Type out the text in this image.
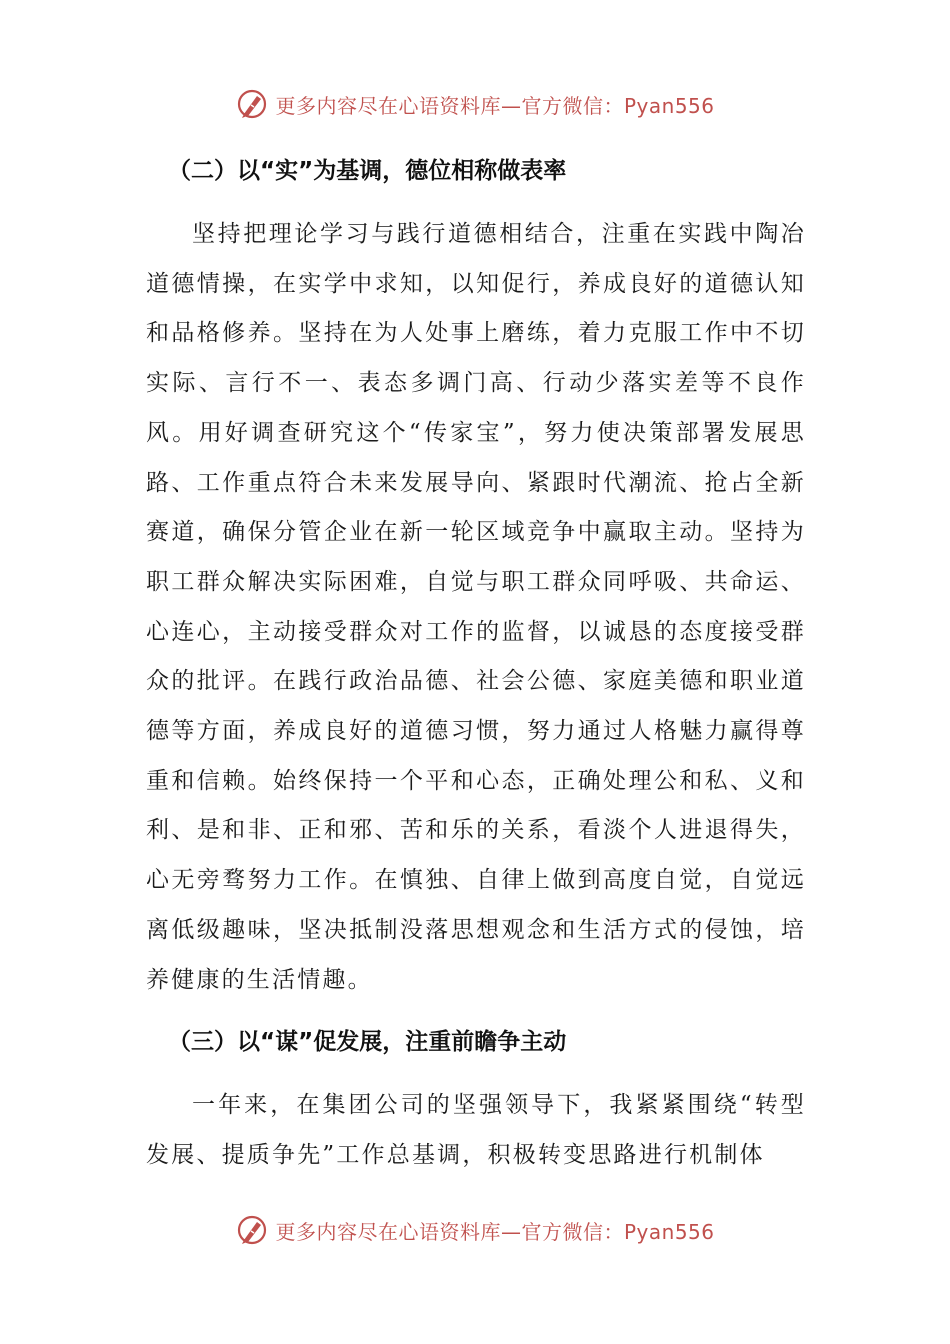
更多内容尽在心语资料库—官方微信：Pyan556

（二）以“实”为基调，德位相称做表率

坚持把理论学习与践行道德相结合，注重在实践中陶冶道德情操，在实学中求知，以知促行，养成良好的道德认知和品格修养。坚持在为人处事上磨练，着力克服工作中不切实际、言行不一、表态多调门高、行动少落实差等不良作风。用好调查研究这个“传家宝”，努力使决策部署发展思路、工作重点符合未来发展导向、紧跟时代潮流、抢占全新赛道，确保分管企业在新一轮区域竞争中赢取主动。坚持为职工群众解决实际困难，自觉与职工群众同呼吸、共命运、心连心，主动接受群众对工作的监督，以诚恳的态度接受群众的批评。在践行政治品德、社会公德、家庭美德和职业道德等方面，养成良好的道德习惯，努力通过人格魅力赢得尊重和信赖。始终保持一个平和心态，正确处理公和私、义和利、是和非、正和邪、苦和乐的关系，看淡个人进退得失，心无旁骛努力工作。在慎独、自律上做到高度自觉，自觉远离低级趣味，坚决抵制没落思想观念和生活方式的侵蚀，培养健康的生活情趣。

（三）以“谋”促发展，注重前瞻争主动

一年来，在集团公司的坚强领导下，我紧紧围绕“转型发展、提质争先”工作总基调，积极转变思路进行机制体

更多内容尽在心语资料库—官方微信：Pyan556
